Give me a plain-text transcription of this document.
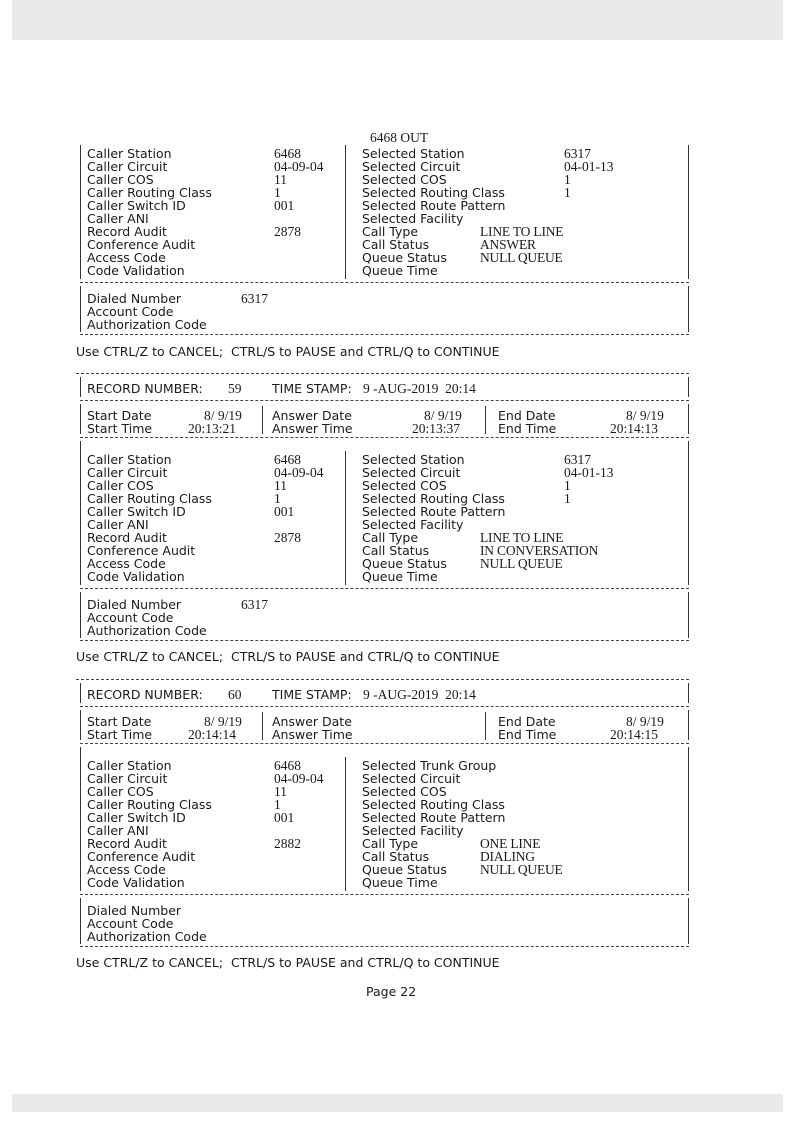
6468 OUT
Caller Station
Caller Circuit
Caller COS
Caller Routing Class
Caller Switch ID
Caller ANI
Record Audit
Conference Audit
Access Code
Code Validation
6468
04-09-04
11
1
001
2878
Selected Station
Selected Circuit
Selected COS
Selected Routing Class
Selected Route Pattern
Selected Facility
Call Type
Call Status
Queue Status
Queue Time
6317
04-01-13
1
1
LINE TO LINE
ANSWER
NULL QUEUE
Dialed Number	6317
Account Code
Authorization Code
Use CTRL/Z to CANCEL;  CTRL/S to PAUSE and CTRL/Q to CONTINUE
RECORD NUMBER: 59 TIME STAMP: 9 -AUG-2019  20:14
Start Date
Start Time
8/ 9/19
20:13:21
Answer Date
Answer Time
8/ 9/19
20:13:37
End Date
End Time
8/ 9/19
20:14:13
Caller Station
Caller Circuit
Caller COS
Caller Routing Class
Caller Switch ID
Caller ANI
Record Audit
Conference Audit
Access Code
Code Validation
6468
04-09-04
11
1
001
2878
Selected Station
Selected Circuit
Selected COS
Selected Routing Class
Selected Route Pattern
Selected Facility
Call Type
Call Status
Queue Status
Queue Time
6317
04-01-13
1
1
LINE TO LINE
IN CONVERSATION
NULL QUEUE
Dialed Number	6317
Account Code
Authorization Code
Use CTRL/Z to CANCEL;  CTRL/S to PAUSE and CTRL/Q to CONTINUE
RECORD NUMBER: 60 TIME STAMP: 9 -AUG-2019  20:14
Start Date
Start Time
8/ 9/19
20:14:14
Answer Date
Answer Time
End Date
End Time
8/ 9/19
20:14:15
Caller Station
Caller Circuit
Caller COS
Caller Routing Class
Caller Switch ID
Caller ANI
Record Audit
Conference Audit
Access Code
Code Validation
6468
04-09-04
11
1
001
2882
Selected Trunk Group
Selected Circuit
Selected COS
Selected Routing Class
Selected Route Pattern
Selected Facility
Call Type
Call Status
Queue Status
Queue Time
ONE LINE
DIALING
NULL QUEUE
Dialed Number
Account Code
Authorization Code
Use CTRL/Z to CANCEL;  CTRL/S to PAUSE and CTRL/Q to CONTINUE
Page 22
